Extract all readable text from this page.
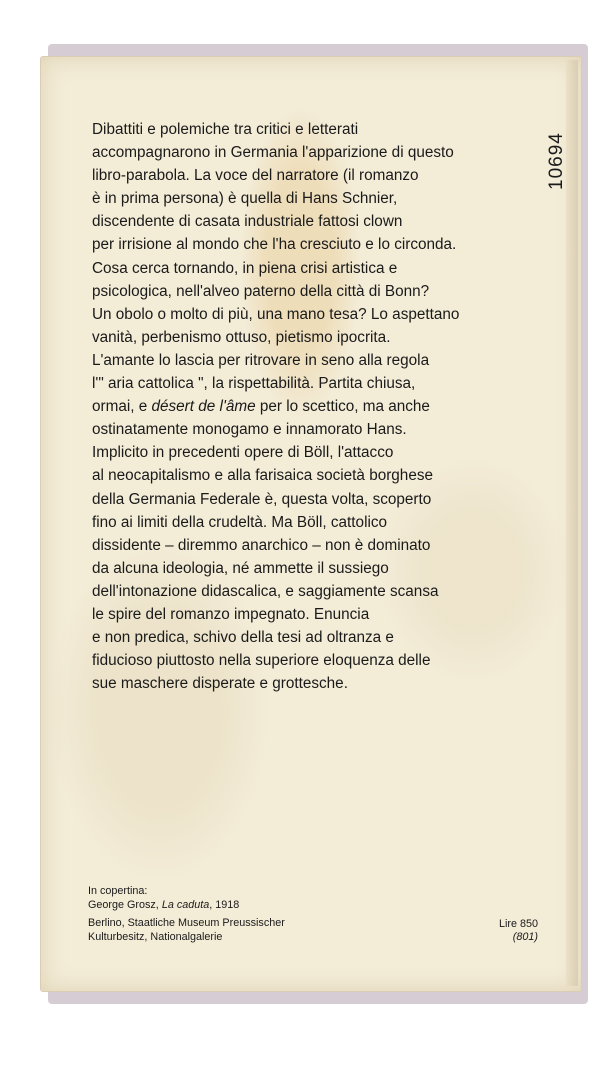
Dibattiti e polemiche tra critici e letterati
accompagnarono in Germania l'apparizione di questo
libro-parabola. La voce del narratore (il romanzo
è in prima persona) è quella di Hans Schnier,
discendente di casata industriale fattosi clown
per irrisione al mondo che l'ha cresciuto e lo circonda.
Cosa cerca tornando, in piena crisi artistica e
psicologica, nell'alveo paterno della città di Bonn?
Un obolo o molto di più, una mano tesa? Lo aspettano
vanità, perbenismo ottuso, pietismo ipocrita.
L'amante lo lascia per ritrovare in seno alla regola
l'" aria cattolica ", la rispettabilità. Partita chiusa,
ormai, e désert de l'âme per lo scettico, ma anche
ostinatamente monogamo e innamorato Hans.
Implicito in precedenti opere di Böll, l'attacco
al neocapitalismo e alla farisaica società borghese
della Germania Federale è, questa volta, scoperto
fino ai limiti della crudeltà. Ma Böll, cattolico
dissidente – diremmo anarchico – non è dominato
da alcuna ideologia, né ammette il sussiego
dell'intonazione didascalica, e saggiamente scansa
le spire del romanzo impegnato. Enuncia
e non predica, schivo della tesi ad oltranza e
fiducioso piuttosto nella superiore eloquenza delle
sue maschere disperate e grottesche.
10694
In copertina:
George Grosz, La caduta, 1918
Berlino, Staatliche Museum Preussischer
Kulturbesitz, Nationalgalerie
Lire 850
(801)
